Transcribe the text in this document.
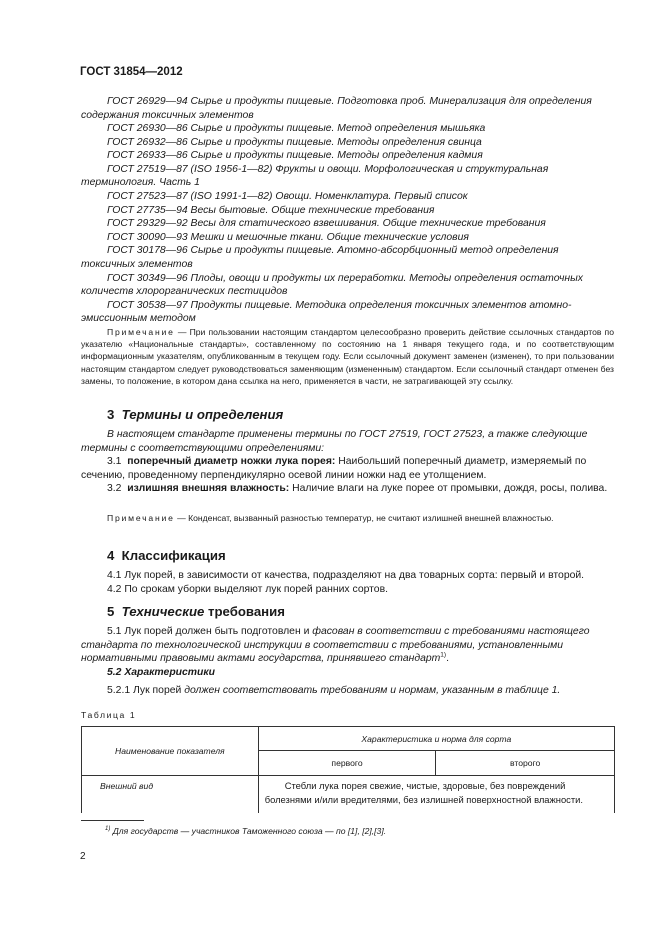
ГОСТ 31854—2012
ГОСТ 26929—94 Сырье и продукты пищевые. Подготовка проб. Минерализация для определения содержания токсичных элементов
ГОСТ 26930—86 Сырье и продукты пищевые. Метод определения мышьяка
ГОСТ 26932—86 Сырье и продукты пищевые. Методы определения свинца
ГОСТ 26933—86 Сырье и продукты пищевые. Методы определения кадмия
ГОСТ 27519—87 (ISO 1956-1—82) Фрукты и овощи. Морфологическая и структуральная терминология. Часть 1
ГОСТ 27523—87 (ISO 1991-1—82) Овощи. Номенклатура. Первый список
ГОСТ 27735—94 Весы бытовые. Общие технические требования
ГОСТ 29329—92 Весы для статического взвешивания. Общие технические требования
ГОСТ 30090—93 Мешки и мешочные ткани. Общие технические условия
ГОСТ 30178—96 Сырье и продукты пищевые. Атомно-абсорбционный метод определения токсичных элементов
ГОСТ 30349—96 Плоды, овощи и продукты их переработки. Методы определения остаточных количеств хлорорганических пестицидов
ГОСТ 30538—97 Продукты пищевые. Методика определения токсичных элементов атомно-эмиссионным методом
Примечание — При пользовании настоящим стандартом целесообразно проверить действие ссылочных стандартов по указателю «Национальные стандарты», составленному по состоянию на 1 января текущего года, и по соответствующим информационным указателям, опубликованным в текущем году. Если ссылочный документ заменен (изменен), то при пользовании настоящим стандартом следует руководствоваться заменяющим (измененным) стандартом. Если ссылочный стандарт отменен без замены, то положение, в котором дана ссылка на него, применяется в части, не затрагивающей эту ссылку.
3 Термины и определения
В настоящем стандарте применены термины по ГОСТ 27519, ГОСТ 27523, а также следующие термины с соответствующими определениями:
3.1 поперечный диаметр ножки лука порея: Наибольший поперечный диаметр, измеряемый по сечению, проведенному перпендикулярно осевой линии ножки над ее утолщением.
3.2 излишняя внешняя влажность: Наличие влаги на луке порее от промывки, дождя, росы, полива.
Примечание — Конденсат, вызванный разностью температур, не считают излишней внешней влажностью.
4 Классификация
4.1 Лук порей, в зависимости от качества, подразделяют на два товарных сорта: первый и второй.
4.2 По срокам уборки выделяют лук порей ранних сортов.
5 Технические требования
5.1 Лук порей должен быть подготовлен и фасован в соответствии с требованиями настоящего стандарта по технологической инструкции в соответствии с требованиями, установленными нормативными правовыми актами государства, принявшего стандарт$^{1)}$.
5.2 Характеристики
5.2.1 Лук порей должен соответствовать требованиям и нормам, указанным в таблице 1.
Таблица 1
Наименование показателя	Характеристика и норма для сорта	
	первого	второго
Внешний вид	Стебли лука порея свежие, чистые, здоровые, без повреждений болезнями и/или вредителями, без излишней поверхностной влажности.	
$^{1)}$ Для государств — участников Таможенного союза — по [1], [2],[3].
2
